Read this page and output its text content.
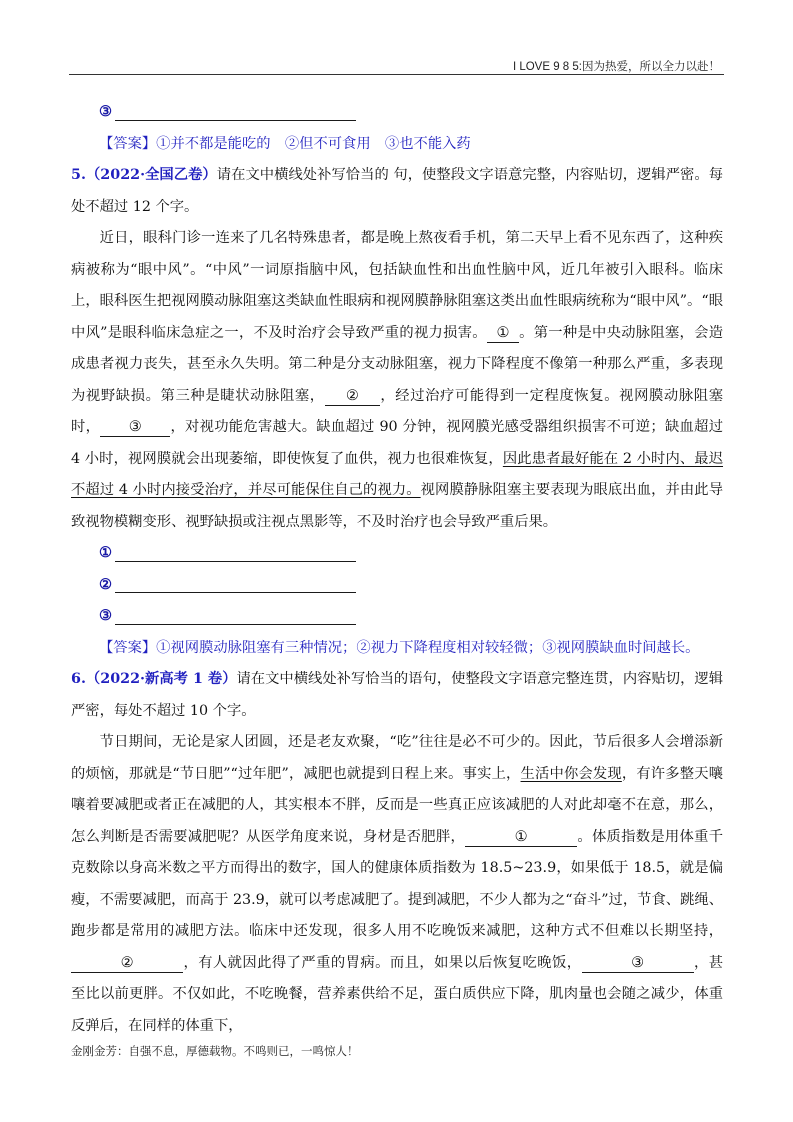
I LOVE 9 8 5:因为热爱，所以全力以赴！
③

【答案】①并不都是能吃的　②但不可食用　③也不能入药

5.（2022·全国乙卷）请在文中横线处补写恰当的 句，使整段文字语意完整，内容贴切，逻辑严密。每处不超过 12 个字。

近日，眼科门诊一连来了几名特殊患者，都是晚上熬夜看手机，第二天早上看不见东西了，这种疾病被称为“眼中风”。“中风”一词原指脑中风，包括缺血性和出血性脑中风，近几年被引入眼科。临床上，眼科医生把视网膜动脉阻塞这类缺血性眼病和视网膜静脉阻塞这类出血性眼病统称为“眼中风”。“眼中风”是眼科临床急症之一，不及时治疗会导致严重的视力损害。 ① 。第一种是中央动脉阻塞，会造成患者视力丧失，甚至永久失明。第二种是分支动脉阻塞，视力下降程度不像第一种那么严重，多表现为视野缺损。第三种是睫状动脉阻塞， ② ，经过治疗可能得到一定程度恢复。视网膜动脉阻塞时， ③ ，对视功能危害越大。缺血超过 90 分钟，视网膜光感受器组织损害不可逆；缺血超过 4 小时，视网膜就会出现萎缩，即使恢复了血供，视力也很难恢复，因此患者最好能在 2 小时内、最迟不超过 4 小时内接受治疗，并尽可能保住自己的视力。视网膜静脉阻塞主要表现为眼底出血，并由此导致视物模糊变形、视野缺损或注视点黑影等，不及时治疗也会导致严重后果。

①
②
③

【答案】①视网膜动脉阻塞有三种情况；②视力下降程度相对较轻微；③视网膜缺血时间越长。

6.（2022·新高考 1 卷）请在文中横线处补写恰当的语句，使整段文字语意完整连贯，内容贴切，逻辑严密，每处不超过 10 个字。

节日期间，无论是家人团圆，还是老友欢聚，“吃”往往是必不可少的。因此，节后很多人会增添新的烦恼，那就是“节日肥”“过年肥”，减肥也就提到日程上来。事实上，生活中你会发现，有许多整天嚷嚷着要减肥或者正在减肥的人，其实根本不胖，反而是一些真正应该减肥的人对此却毫不在意，那么，怎么判断是否需要减肥呢？从医学角度来说，身材是否肥胖，	①	。体质指数是用体重千克数除以身高米数之平方而得出的数字，国人的健康体质指数为 18.5~23.9，如果低于 18.5，就是偏瘦，不需要减肥，而高于 23.9，就可以考虑减肥了。提到减肥，不少人都为之“奋斗”过，节食、跳绳、跑步都是常用的减肥方法。临床中还发现，很多人用不吃晚饭来减肥，这种方式不但难以长期坚持，②	，有人就因此得了严重的胃病。而且，如果以后恢复吃晚饭，	③	，甚至比以前更胖。不仅如此，不吃晚餐，营养素供给不足，蛋白质供应下降，肌肉量也会随之减少，体重反弹后，在同样的体重下，

金刚金芳：自强不息，厚德载物。不鸣则已，一鸣惊人！
